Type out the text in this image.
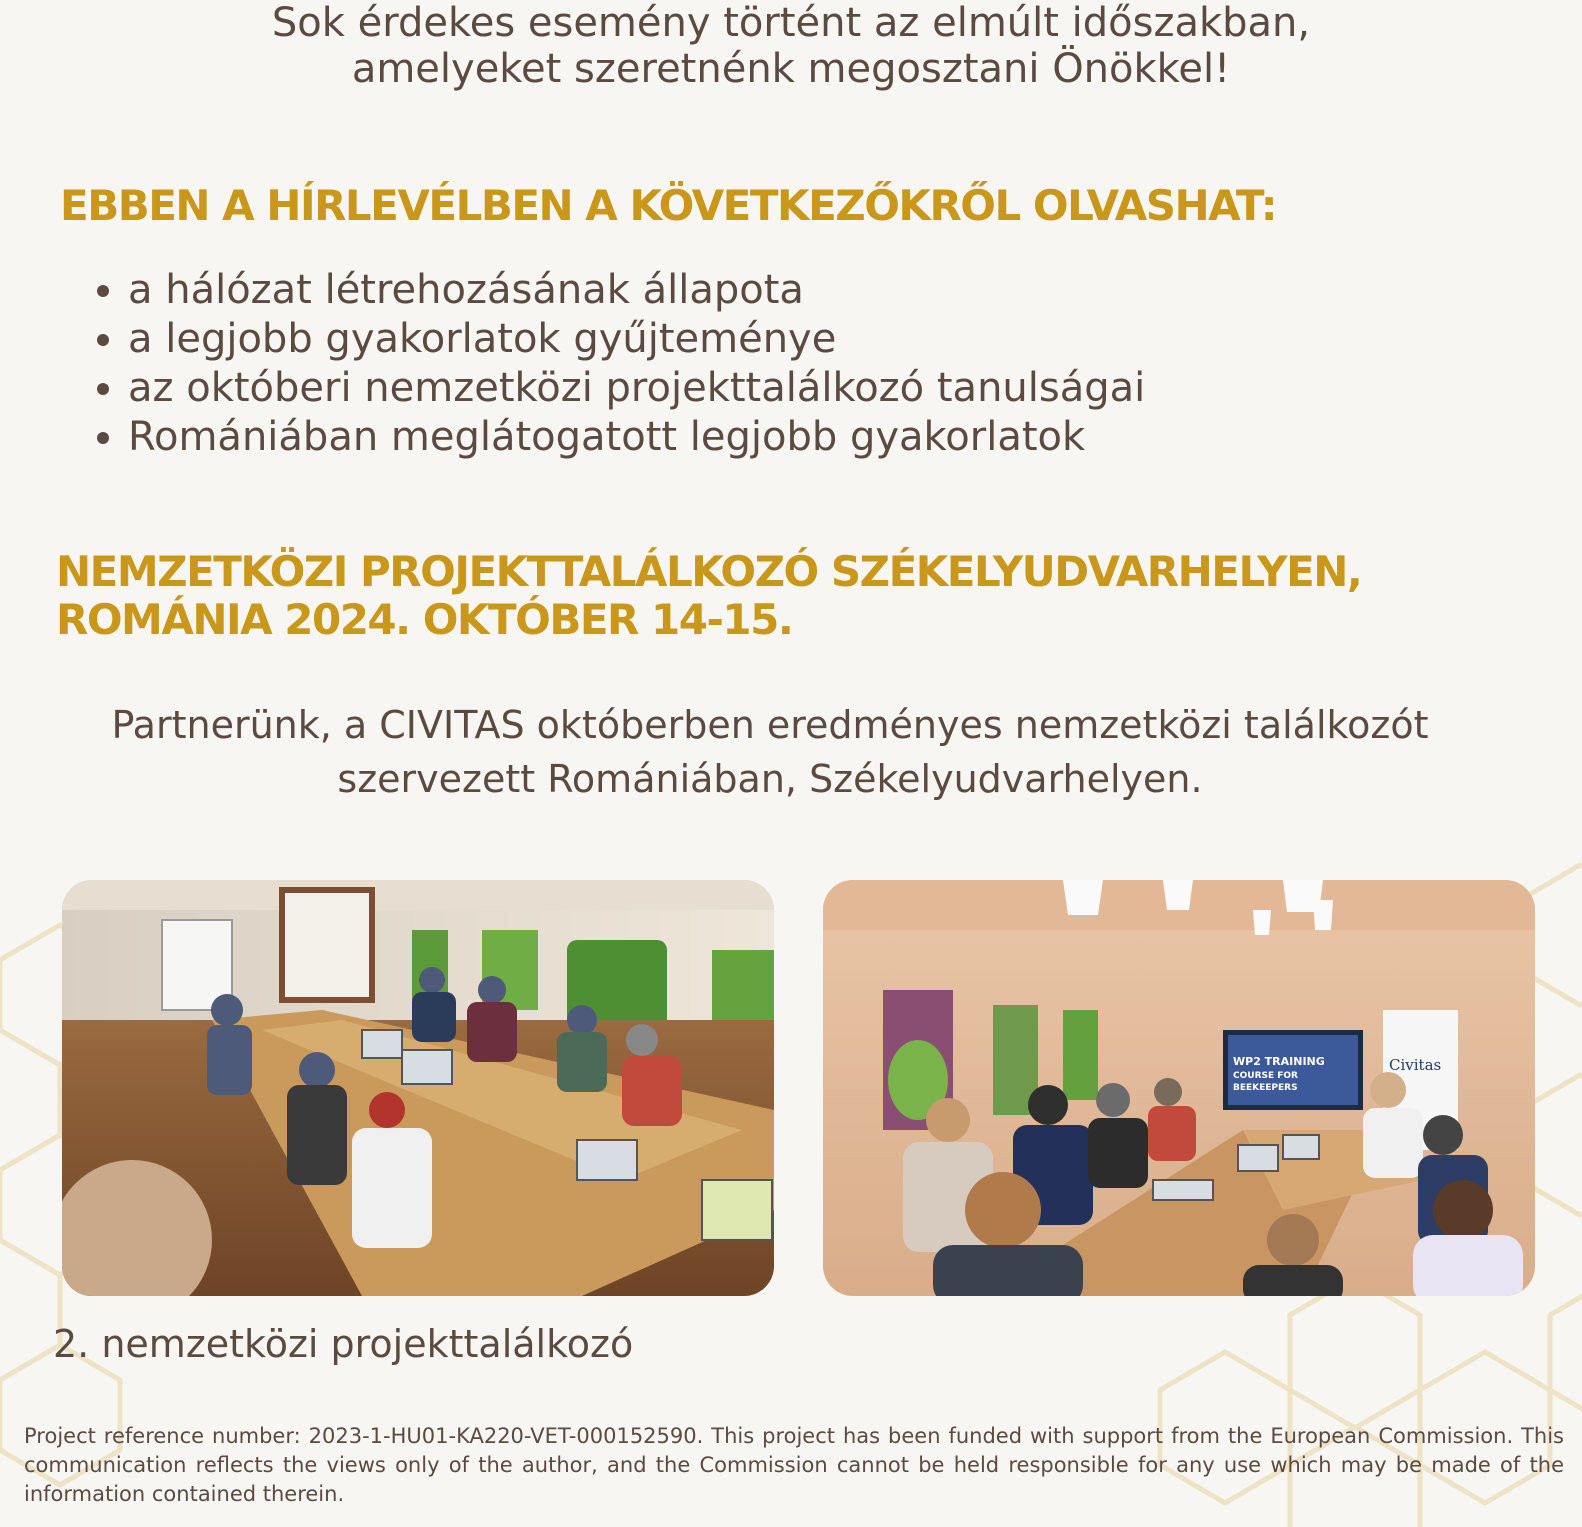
Sok érdekes esemény történt az elmúlt időszakban,
amelyeket szeretnénk megosztani Önökkel!
EBBEN A HÍRLEVÉLBEN A KÖVETKEZŐKRŐL OLVASHAT:
• a hálózat létrehozásának állapota
• a legjobb gyakorlatok gyűjteménye
• az októberi nemzetközi projekttalálkozó tanulságai
• Romániában meglátogatott legjobb gyakorlatok
NEMZETKÖZI PROJEKTTALÁLKOZÓ SZÉKELYUDVARHELYEN,
ROMÁNIA 2024. OKTÓBER 14-15.
Partnerünk, a CIVITAS októberben eredményes nemzetközi találkozót
szervezett Romániában, Székelyudvarhelyen.
WP2 TRAINING
COURSE FOR
BEEKEEPERS
Civitas
2. nemzetközi projekttalálkozó

Project reference number: 2023-1-HU01-KA220-VET-000152590. This project has been funded with support from the European Commission. This communication reflects the views only of the author, and the Commission cannot be held responsible for any use which may be made of the information contained therein.
